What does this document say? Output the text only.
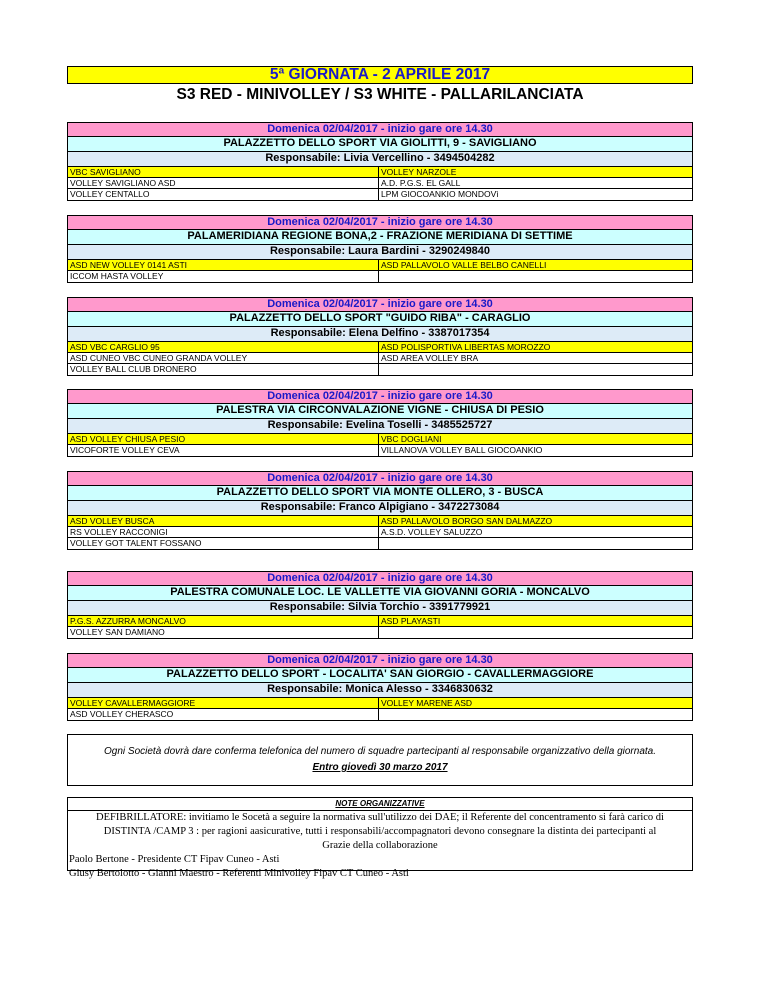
5ª GIORNATA - 2 APRILE 2017
S3 RED - MINIVOLLEY / S3 WHITE - PALLARILANCIATA
Domenica 02/04/2017 - inizio gare ore 14.30
PALAZZETTO DELLO SPORT VIA GIOLITTI, 9 - SAVIGLIANO
Responsabile: Livia Vercellino - 3494504282
VBC SAVIGLIANO
VOLLEY SAVIGLIANO ASD
VOLLEY CENTALLO
VOLLEY NARZOLE
A.D. P.G.S. EL GALL
LPM GIOCOANKIO MONDOVì
Domenica 02/04/2017 - inizio gare ore 14.30
PALAMERIDIANA REGIONE BONA,2 - FRAZIONE MERIDIANA DI SETTIME
Responsabile: Laura Bardini - 3290249840
ASD NEW VOLLEY 0141 ASTI
ICCOM HASTA VOLLEY
ASD PALLAVOLO VALLE BELBO CANELLI
Domenica 02/04/2017 - inizio gare ore 14.30
PALAZZETTO DELLO SPORT "GUIDO RIBA" - CARAGLIO
Responsabile: Elena Delfino - 3387017354
ASD VBC CARGLIO 95
ASD CUNEO VBC CUNEO GRANDA VOLLEY
VOLLEY BALL CLUB DRONERO
ASD POLISPORTIVA LIBERTAS MOROZZO
ASD AREA VOLLEY BRA
Domenica 02/04/2017 - inizio gare ore 14.30
PALESTRA VIA CIRCONVALAZIONE VIGNE - CHIUSA DI PESIO
Responsabile: Evelina Toselli - 3485525727
ASD VOLLEY CHIUSA PESIO
VICOFORTE VOLLEY CEVA
VBC DOGLIANI
VILLANOVA VOLLEY BALL GIOCOANKIO
Domenica 02/04/2017 - inizio gare ore 14.30
PALAZZETTO DELLO SPORT VIA MONTE OLLERO, 3 - BUSCA
Responsabile: Franco Alpigiano - 3472273084
ASD VOLLEY BUSCA
RS VOLLEY RACCONIGI
VOLLEY GOT TALENT FOSSANO
ASD PALLAVOLO BORGO SAN DALMAZZO
A.S.D. VOLLEY SALUZZO
Domenica 02/04/2017 - inizio gare ore 14.30
PALESTRA COMUNALE LOC. LE VALLETTE VIA GIOVANNI GORIA - MONCALVO
Responsabile: Silvia Torchio - 3391779921
P.G.S. AZZURRA MONCALVO
VOLLEY SAN DAMIANO
ASD PLAYASTI
Domenica 02/04/2017 - inizio gare ore 14.30
PALAZZETTO DELLO SPORT - LOCALITA' SAN GIORGIO - CAVALLERMAGGIORE
Responsabile: Monica Alesso - 3346830632
VOLLEY CAVALLERMAGGIORE
ASD VOLLEY CHERASCO
VOLLEY MARENE ASD
Ogni Società dovrà dare conferma telefonica del numero di squadre partecipanti al responsabile organizzativo della giornata.
Entro giovedì 30 marzo 2017
NOTE ORGANIZZATIVE
DEFIBRILLATORE: invitiamo le Socetà a seguire la normativa sull'utilizzo dei DAE; il Referente del concentramento si farà carico di
DISTINTA /CAMP 3 : per ragioni aasicurative, tutti i responsabili/accompagnatori devono consegnare la distinta dei partecipanti al
Grazie della collaborazione
Paolo Bertone - Presidente CT Fipav Cuneo - Asti
Giusy Bertolotto - Gianni Maestro - Referenti Minivolley Fipav CT Cuneo - Asti
